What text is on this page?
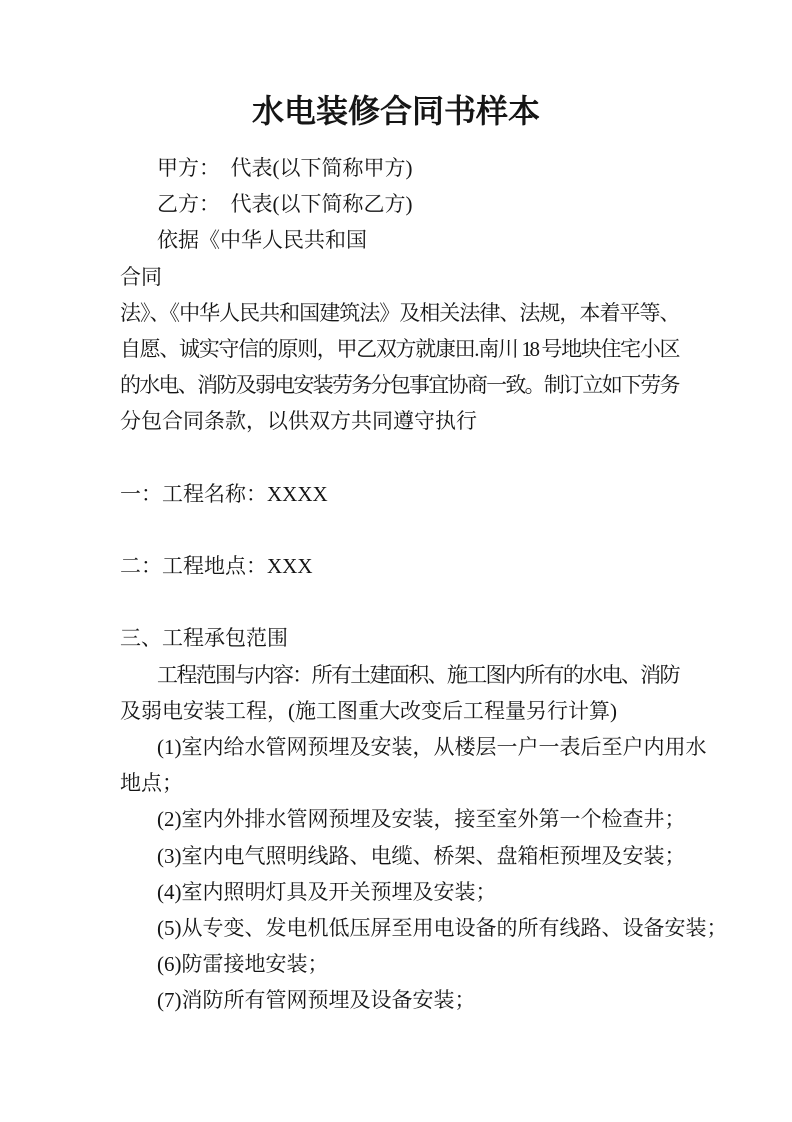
水电装修合同书样本
甲方：　代表(以下简称甲方)
乙方：　代表(以下简称乙方)
依据《中华人民共和国
合同
法》、《中华人民共和国建筑法》及相关法律、法规，本着平等、
自愿、诚实守信的原则，甲乙双方就康田.南川 18 号地块住宅小区
的水电、消防及弱电安装劳务分包事宜协商一致。制订立如下劳务
分包合同条款，以供双方共同遵守执行
一：工程名称：XXXX
二：工程地点：XXX
三、工程承包范围
工程范围与内容：所有土建面积、施工图内所有的水电、消防
及弱电安装工程，(施工图重大改变后工程量另行计算)
(1)室内给水管网预埋及安装，从楼层一户一表后至户内用水
地点；
(2)室内外排水管网预埋及安装，接至室外第一个检查井；
(3)室内电气照明线路、电缆、桥架、盘箱柜预埋及安装；
(4)室内照明灯具及开关预埋及安装；
(5)从专变、发电机低压屏至用电设备的所有线路、设备安装；
(6)防雷接地安装；
(7)消防所有管网预埋及设备安装；
